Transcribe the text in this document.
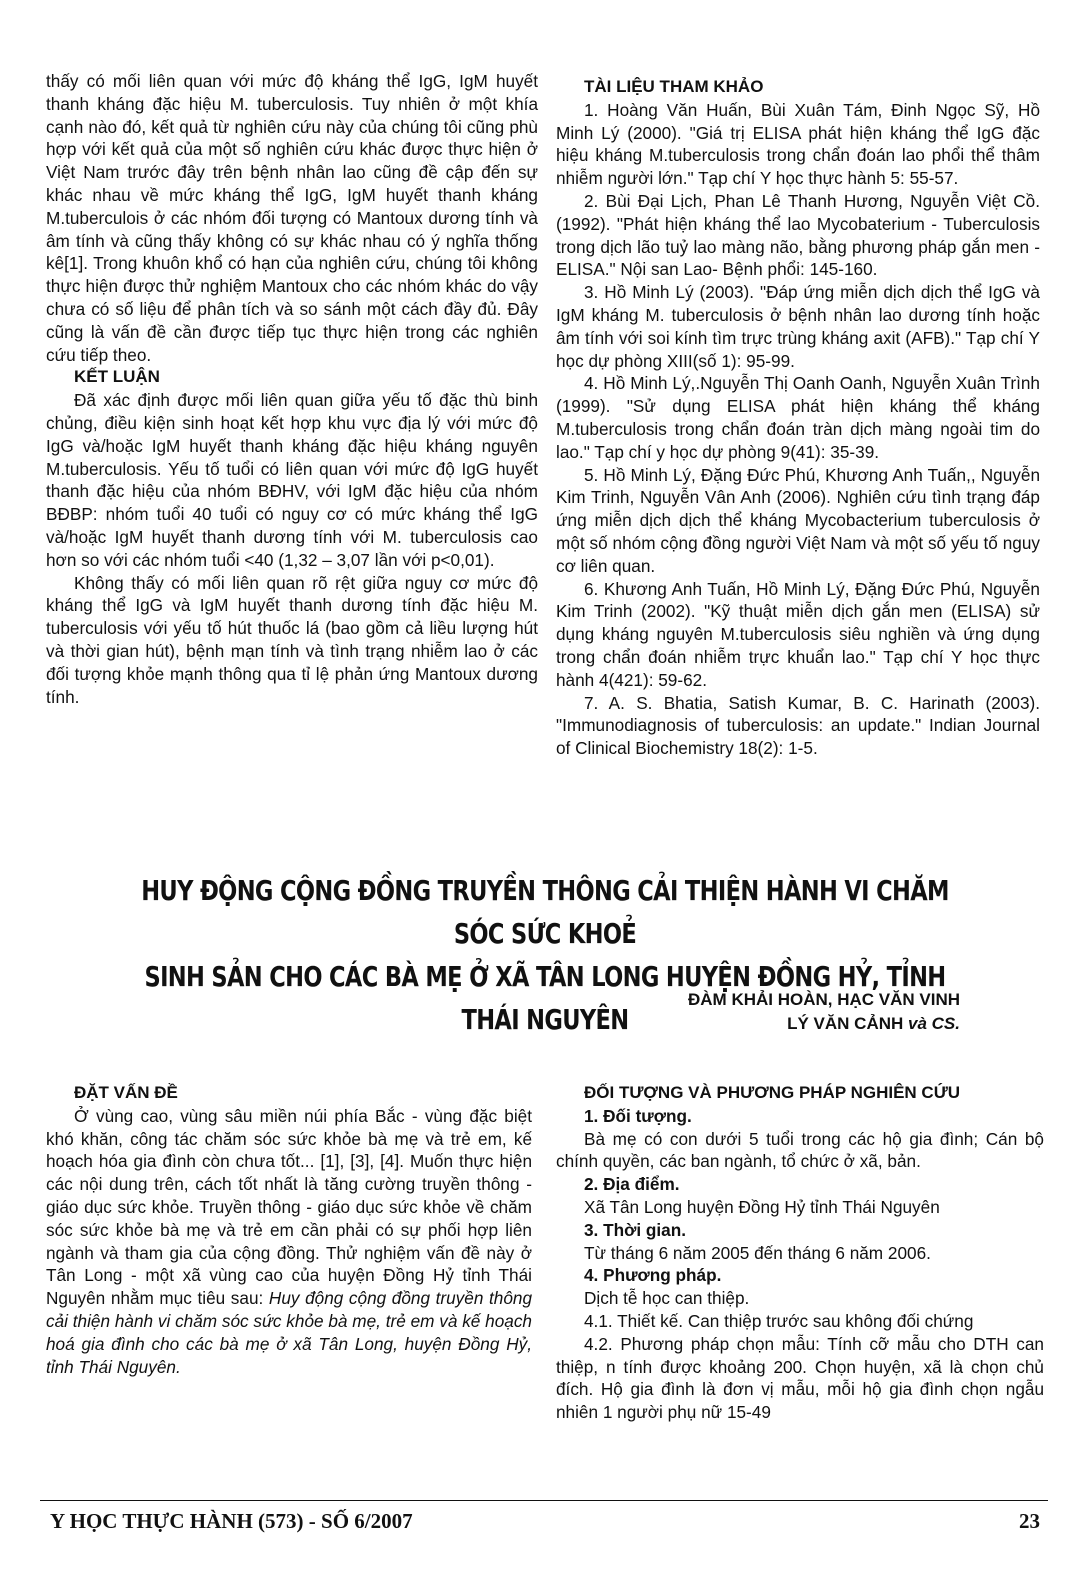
thấy có mối liên quan với mức độ kháng thể IgG, IgM huyết thanh kháng đặc hiệu M. tuberculosis. Tuy nhiên ở một khía cạnh nào đó, kết quả từ nghiên cứu này của chúng tôi cũng phù hợp với kết quả của một số nghiên cứu khác được thực hiện ở Việt Nam trước đây trên bệnh nhân lao cũng đề cập đến sự khác nhau về mức kháng thể IgG, IgM huyết thanh kháng M.tuberculois ở các nhóm đối tượng có Mantoux dương tính và âm tính và cũng thấy không có sự khác nhau có ý nghĩa thống kê[1]. Trong khuôn khổ có hạn của nghiên cứu, chúng tôi không thực hiện được thử nghiệm Mantoux cho các nhóm khác do vậy chưa có số liệu để phân tích và so sánh một cách đầy đủ. Đây cũng là vấn đề cần được tiếp tục thực hiện trong các nghiên cứu tiếp theo.

KẾT LUẬN

Đã xác định được mối liên quan giữa yếu tố đặc thù binh chủng, điều kiện sinh hoạt kết hợp khu vực địa lý với mức độ IgG và/hoặc IgM huyết thanh kháng đặc hiệu kháng nguyên M.tuberculosis. Yếu tố tuổi có liên quan với mức độ IgG huyết thanh đặc hiệu của nhóm BĐHV, với IgM đặc hiệu của nhóm BĐBP: nhóm tuổi 40 tuổi có nguy cơ có mức kháng thể IgG và/hoặc IgM huyết thanh dương tính với M. tuberculosis cao hơn so với các nhóm tuổi <40 (1,32 – 3,07 lần với p<0,01).

Không thấy có mối liên quan rõ rệt giữa nguy cơ mức độ kháng thể IgG và IgM huyết thanh dương tính đặc hiệu M. tuberculosis với yếu tố hút thuốc lá (bao gồm cả liều lượng hút và thời gian hút), bệnh mạn tính và tình trạng nhiễm lao ở các đối tượng khỏe mạnh thông qua tỉ lệ phản ứng Mantoux dương tính.

TÀI LIỆU THAM KHẢO

1. Hoàng Văn Huấn, Bùi Xuân Tám, Đinh Ngọc Sỹ, Hồ Minh Lý (2000). "Giá trị ELISA phát hiện kháng thể IgG đặc hiệu kháng M.tuberculosis trong chẩn đoán lao phổi thể thâm nhiễm người lớn." Tạp chí Y học thực hành 5: 55-57.

2. Bùi Đại Lịch, Phan Lê Thanh Hương, Nguyễn Việt Cồ. (1992). "Phát hiện kháng thể lao Mycobaterium - Tuberculosis trong dịch lão tuỷ lao màng não, bằng phương pháp gắn men -ELISA." Nội san Lao- Bệnh phổi: 145-160.

3. Hồ Minh Lý (2003). "Đáp ứng miễn dịch dịch thể IgG và IgM kháng M. tuberculosis ở bệnh nhân lao dương tính hoặc âm tính với soi kính tìm trực trùng kháng axit (AFB)." Tạp chí Y học dự phòng XIII(số 1): 95-99.

4. Hồ Minh Lý,.Nguyễn Thị Oanh Oanh, Nguyễn Xuân Trình (1999). "Sử dụng ELISA phát hiện kháng thể kháng M.tuberculosis trong chẩn đoán tràn dịch màng ngoài tim do lao." Tạp chí y học dự phòng 9(41): 35-39.

5. Hồ Minh Lý, Đặng Đức Phú, Khương Anh Tuấn,, Nguyễn Kim Trinh, Nguyễn Vân Anh (2006). Nghiên cứu tình trạng đáp ứng miễn dịch dịch thể kháng Mycobacterium tuberculosis ở một số nhóm cộng đồng người Việt Nam và một số yếu tố nguy cơ liên quan.

6. Khương Anh Tuấn, Hồ Minh Lý, Đặng Đức Phú, Nguyễn Kim Trinh (2002). "Kỹ thuật miễn dịch gắn men (ELISA) sử dụng kháng nguyên M.tuberculosis siêu nghiền và ứng dụng trong chẩn đoán nhiễm trực khuẩn lao." Tạp chí Y học thực hành 4(421): 59-62.

7. A. S. Bhatia, Satish Kumar, B. C. Harinath (2003). "Immunodiagnosis of tuberculosis: an update." Indian Journal of Clinical Biochemistry 18(2): 1-5.

HUY ĐỘNG CỘNG ĐỒNG TRUYỀN THÔNG CẢI THIỆN HÀNH VI CHĂM SÓC SỨC KHOẺ
SINH SẢN CHO CÁC BÀ MẸ Ở XÃ TÂN LONG HUYỆN ĐỒNG HỶ, TỈNH THÁI NGUYÊN
ĐÀM KHẢI HOÀN, HẠC VĂN VINH
LÝ VĂN CẢNH và CS.

ĐẶT VẤN ĐỀ

Ở vùng cao, vùng sâu miền núi phía Bắc - vùng đặc biệt khó khăn, công tác chăm sóc sức khỏe bà mẹ và trẻ em, kế hoạch hóa gia đình còn chưa tốt... [1], [3], [4]. Muốn thực hiện các nội dung trên, cách tốt nhất là tăng cường truyền thông - giáo dục sức khỏe. Truyền thông - giáo dục sức khỏe về chăm sóc sức khỏe bà mẹ và trẻ em cần phải có sự phối hợp liên ngành và tham gia của cộng đồng. Thử nghiệm vấn đề này ở Tân Long - một xã vùng cao của huyện Đồng Hỷ tỉnh Thái Nguyên nhằm mục tiêu sau: Huy động cộng đồng truyền thông cải thiện hành vi chăm sóc sức khỏe bà mẹ, trẻ em và kế hoạch hoá gia đình cho các bà mẹ ở xã Tân Long, huyện Đồng Hỷ, tỉnh Thái Nguyên.

ĐỐI TƯỢNG VÀ PHƯƠNG PHÁP NGHIÊN CỨU

1. Đối tượng.

Bà mẹ có con dưới 5 tuổi trong các hộ gia đình; Cán bộ chính quyền, các ban ngành, tổ chức ở xã, bản.

2. Địa điểm.

Xã Tân Long huyện Đồng Hỷ tỉnh Thái Nguyên

3. Thời gian.

Từ tháng 6 năm 2005 đến tháng 6 năm 2006.

4. Phương pháp.

Dịch tễ học can thiệp.

4.1. Thiết kế. Can thiệp trước sau không đối chứng

4.2. Phương pháp chọn mẫu: Tính cỡ mẫu cho DTH can thiệp, n tính được khoảng 200. Chọn huyện, xã là chọn chủ đích. Hộ gia đình là đơn vị mẫu, mỗi hộ gia đình chọn ngẫu nhiên 1 người phụ nữ 15-49

Y HỌC THỰC HÀNH (573) - SỐ 6/2007	23
